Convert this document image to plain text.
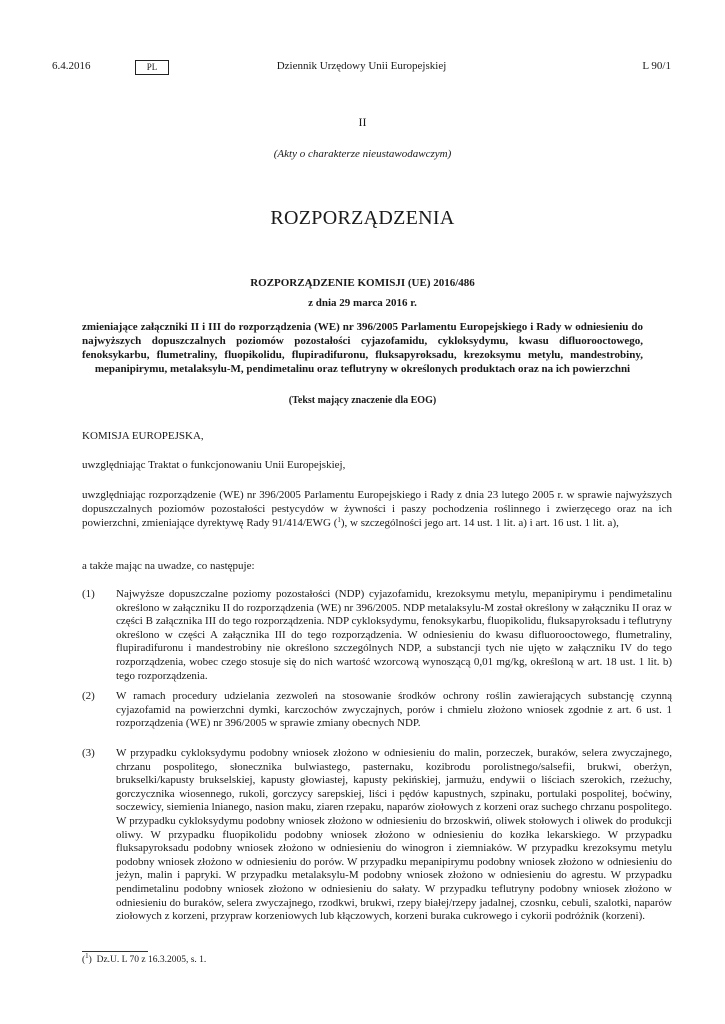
Dziennik Urzędowy Unii Europejskiej
6.4.2016	PL	L 90/1
II
(Akty o charakterze nieustawodawczym)
ROZPORZĄDZENIA
ROZPORZĄDZENIE KOMISJI (UE) 2016/486
z dnia 29 marca 2016 r.
zmieniające załączniki II i III do rozporządzenia (WE) nr 396/2005 Parlamentu Europejskiego i Rady w odniesieniu do najwyższych dopuszczalnych poziomów pozostałości cyjazofamidu, cykloksydymu, kwasu difluorooctowego, fenoksykarbu, flumetraliny, fluopikolidu, flupiradifuronu, fluksapyroksadu, krezoksymu metylu, mandestrobiny, mepanipirymu, metalaksylu-M, pendimetalinu oraz teflutryny w określonych produktach oraz na ich powierzchni
(Tekst mający znaczenie dla EOG)
KOMISJA EUROPEJSKA,
uwzględniając Traktat o funkcjonowaniu Unii Europejskiej,
uwzględniając rozporządzenie (WE) nr 396/2005 Parlamentu Europejskiego i Rady z dnia 23 lutego 2005 r. w sprawie najwyższych dopuszczalnych poziomów pozostałości pestycydów w żywności i paszy pochodzenia roślinnego i zwierzęcego oraz na ich powierzchni, zmieniające dyrektywę Rady 91/414/EWG ($^1$), w szczególności jego art. 14 ust. 1 lit. a) i art. 16 ust. 1 lit. a),
a także mając na uwadze, co następuje:
(1) Najwyższe dopuszczalne poziomy pozostałości (NDP) cyjazofamidu, krezoksymu metylu, mepanipirymu i pendimetalinu określono w załączniku II do rozporządzenia (WE) nr 396/2005. NDP metalaksylu-M został określony w załączniku II oraz w części B załącznika III do tego rozporządzenia. NDP cykloksydymu, fenoksykarbu, fluopikolidu, fluksapyroksadu i teflutryny określono w części A załącznika III do tego rozporządzenia. W odniesieniu do kwasu difluorooctowego, flumetraliny, flupiradifuronu i mandestrobiny nie określono szczególnych NDP, a substancji tych nie ujęto w załączniku IV do tego rozporządzenia, wobec czego stosuje się do nich wartość wzorcową wynoszącą 0,01 mg/kg, określoną w art. 18 ust. 1 lit. b) tego rozporządzenia.
(2) W ramach procedury udzielania zezwoleń na stosowanie środków ochrony roślin zawierających substancję czynną cyjazofamid na powierzchni dymki, karczochów zwyczajnych, porów i chmielu złożono wniosek zgodnie z art. 6 ust. 1 rozporządzenia (WE) nr 396/2005 w sprawie zmiany obecnych NDP.
(3) W przypadku cykloksydymu podobny wniosek złożono w odniesieniu do malin, porzeczek, buraków, selera zwyczajnego, chrzanu pospolitego, słonecznika bulwiastego, pasternaku, kozibrodu porolistnego/salsefii, brukwi, oberżyn, brukselki/kapusty brukselskiej, kapusty głowiastej, kapusty pekińskiej, jarmużu, endywii o liściach szerokich, rzeżuchy, gorczycznika wiosennego, rukoli, gorczycy sarepskiej, liści i pędów kapustnych, szpinaku, portulaki pospolitej, boćwiny, soczewicy, siemienia lnianego, nasion maku, ziaren rzepaku, naparów ziołowych z korzeni oraz suchego chrzanu pospolitego. W przypadku cykloksydymu podobny wniosek złożono w odniesieniu do brzoskwiń, oliwek stołowych i oliwek do produkcji oliwy. W przypadku fluopikolidu podobny wniosek złożono w odniesieniu do kozłka lekarskiego. W przypadku fluksapyroksadu podobny wniosek złożono w odniesieniu do winogron i ziemniaków. W przypadku krezoksymu metylu podobny wniosek złożono w odniesieniu do porów. W przypadku mepanipirymu podobny wniosek złożono w odniesieniu do jeżyn, malin i papryki. W przypadku metalaksylu-M podobny wniosek złożono w odniesieniu do agrestu. W przypadku pendimetalinu podobny wniosek złożono w odniesieniu do sałaty. W przypadku teflutryny podobny wniosek złożono w odniesieniu do buraków, selera zwyczajnego, rzodkwi, brukwi, rzepy białej/rzepy jadalnej, czosnku, cebuli, szalotki, naparów ziołowych z korzeni, przypraw korzeniowych lub kłączowych, korzeni buraka cukrowego i cykorii podróżnik (korzeni).
($^1$)  Dz.U. L 70 z 16.3.2005, s. 1.
